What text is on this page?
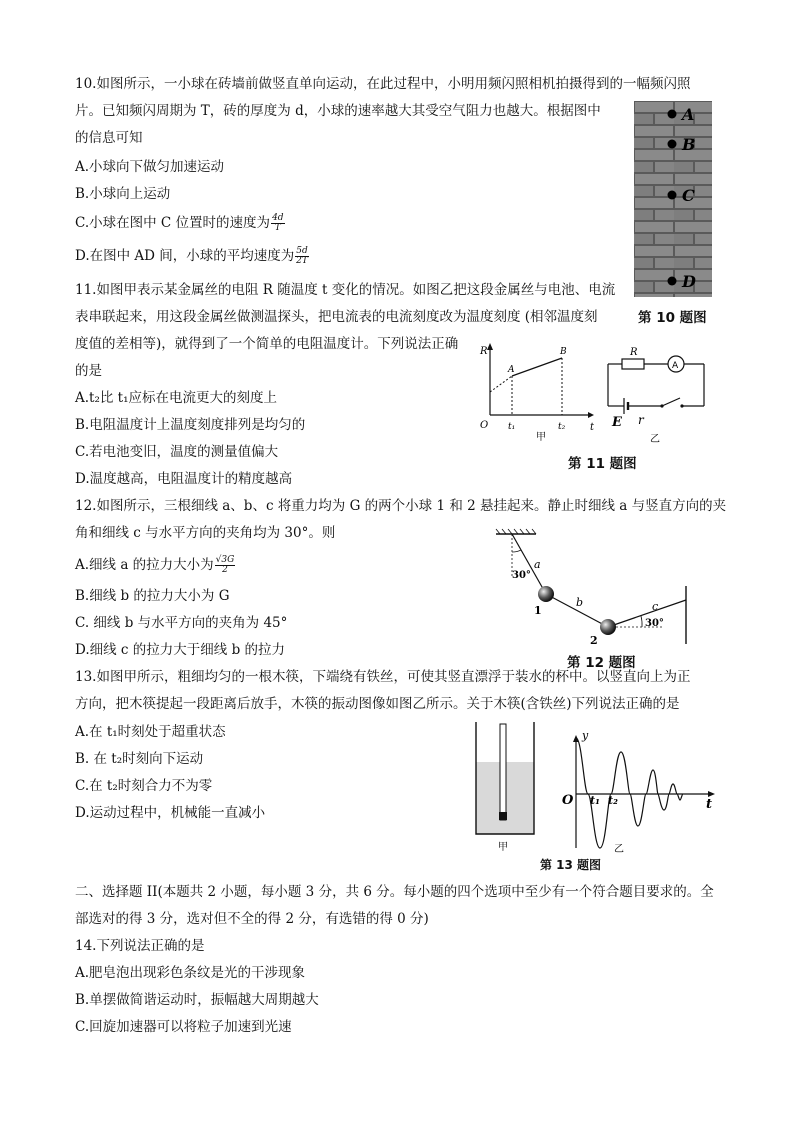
10.如图所示，一小球在砖墙前做竖直单向运动，在此过程中，小明用频闪照相机拍摄得到的一幅频闪照
片。已知频闪周期为 T，砖的厚度为 d，小球的速率越大其受空气阻力也越大。根据图中
的信息可知
A.小球向下做匀加速运动
B.小球向上运动
C.小球在图中 C 位置时的速度为 $\frac{4d}{T}$
D.在图中 AD 间，小球的平均速度为 $\frac{5d}{2T}$
A
B
C
D
第 10 题图
11.如图甲表示某金属丝的电阻 R 随温度 t 变化的情况。如图乙把这段金属丝与电池、电流
表串联起来，用这段金属丝做测温探头，把电流表的电流刻度改为温度刻度 (相邻温度刻
度值的差相等)，就得到了一个简单的电阻温度计。下列说法正确
的是
A.t₂比 t₁应标在电流更大的刻度上
B.电阻温度计上温度刻度排列是均匀的
C.若电池变旧，温度的测量值偏大
D.温度越高，电阻温度计的精度越高
R
t
O
A
B
t₁	t₂
甲
R
A
E r
乙
第 11 题图
12.如图所示，三根细线 a、b、c 将重力均为 G 的两个小球 1 和 2 悬挂起来。静止时细线 a 与竖直方向的夹
角和细线 c 与水平方向的夹角均为 30°。则
A.细线 a 的拉力大小为 $\frac{√3G}{2}$
B.细线 b 的拉力大小为 G
C. 细线 b 与水平方向的夹角为 45°
D.细线 c 的拉力大于细线 b 的拉力
30°
30°
a
b	c
1
2
第 12 题图
13.如图甲所示，粗细均匀的一根木筷，下端绕有铁丝，可使其竖直漂浮于装水的杯中。以竖直向上为正
方向，把木筷提起一段距离后放手，木筷的振动图像如图乙所示。关于木筷(含铁丝)下列说法正确的是
A.在 t₁时刻处于超重状态
B. 在 t₂时刻向下运动
C.在 t₂时刻合力不为零
D.运动过程中，机械能一直减小
甲
y
t
O t₁ t₂
乙
第 13 题图
二、选择题 II(本题共 2 小题，每小题 3 分，共 6 分。每小题的四个选项中至少有一个符合题目要求的。全
部选对的得 3 分，选对但不全的得 2 分，有选错的得 0 分)
14.下列说法正确的是
A.肥皂泡出现彩色条纹是光的干涉现象
B.单摆做简谐运动时，振幅越大周期越大
C.回旋加速器可以将粒子加速到光速
